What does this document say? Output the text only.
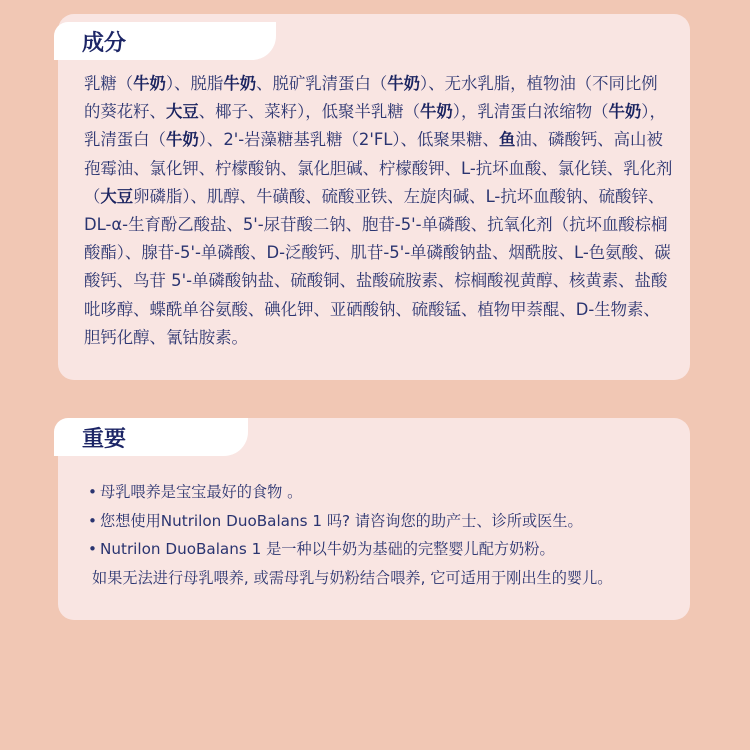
成分

乳糖（牛奶）、脱脂牛奶、脱矿乳清蛋白（牛奶）、无水乳脂，植物油（不同比例的葵花籽、大豆、椰子、菜籽），低聚半乳糖（牛奶），乳清蛋白浓缩物（牛奶），乳清蛋白（牛奶）、2'-岩藻糖基乳糖（2'FL）、低聚果糖、鱼油、磷酸钙、高山被孢霉油、氯化钾、柠檬酸钠、氯化胆碱、柠檬酸钾、L-抗坏血酸、氯化镁、乳化剂（大豆卵磷脂）、肌醇、牛磺酸、硫酸亚铁、左旋肉碱、L-抗坏血酸钠、硫酸锌、DL-α-生育酚乙酸盐、5'-尿苷酸二钠、胞苷-5'-单磷酸、抗氧化剂（抗坏血酸棕榈酸酯）、腺苷-5'-单磷酸、D-泛酸钙、肌苷-5'-单磷酸钠盐、烟酰胺、L-色氨酸、碳酸钙、鸟苷 5'-单磷酸钠盐、硫酸铜、盐酸硫胺素、棕榈酸视黄醇、核黄素、盐酸吡哆醇、蝶酰单谷氨酸、碘化钾、亚硒酸钠、硫酸锰、植物甲萘醌、D-生物素、胆钙化醇、氰钴胺素。

重要
• 母乳喂养是宝宝最好的食物 。
• 您想使用Nutrilon DuoBalans 1 吗? 请咨询您的助产士、诊所或医生。
• Nutrilon DuoBalans 1 是一种以牛奶为基础的完整婴儿配方奶粉。
如果无法进行母乳喂养, 或需母乳与奶粉结合喂养, 它可适用于刚出生的婴儿。
